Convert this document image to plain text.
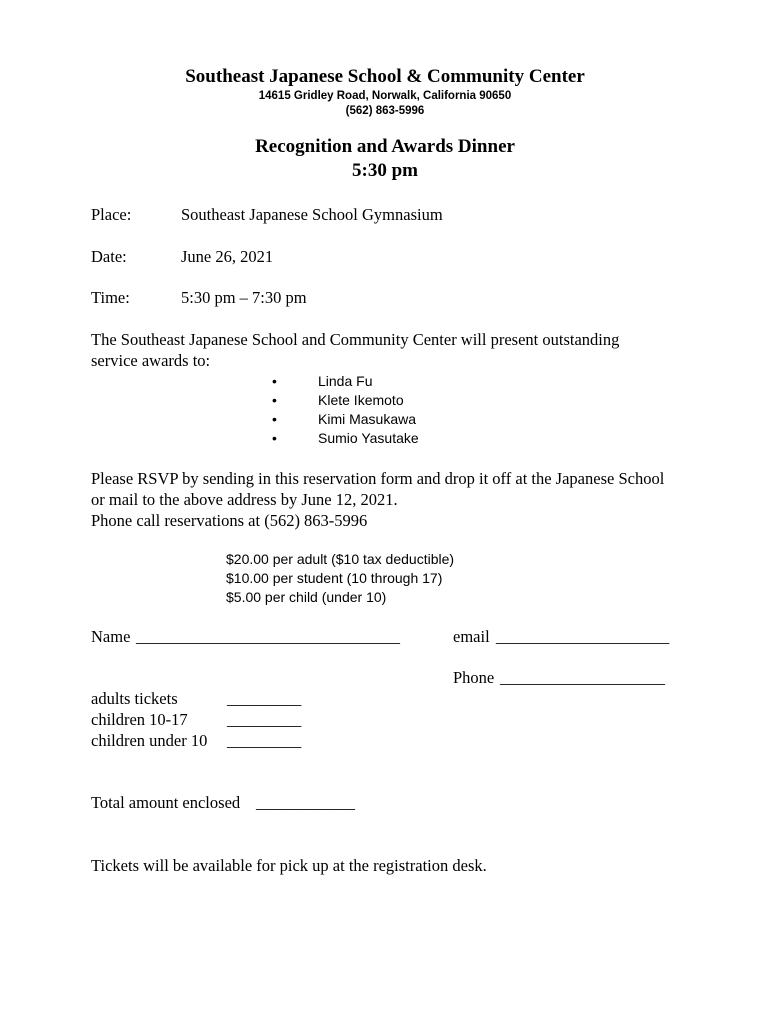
Southeast Japanese School & Community Center
14615 Gridley Road, Norwalk, California 90650
(562) 863-5996
Recognition and Awards Dinner
5:30 pm
Place:	Southeast Japanese School Gymnasium
Date:	June 26, 2021
Time:	5:30 pm – 7:30 pm
The Southeast Japanese School and Community Center will present outstanding
service awards to:
•	Linda Fu
•	Klete Ikemoto
•	Kimi Masukawa
•	Sumio Yasutake
Please RSVP by sending in this reservation form and drop it off at the Japanese School
or mail to the above address by June 12, 2021.
Phone call reservations at (562) 863-5996
$20.00 per adult ($10 tax deductible)
$10.00 per student (10 through 17)
$5.00 per child (under 10)
Name ________________________________	email _____________________
Phone ____________________
adults tickets	_________
children 10-17 _________
children under 10 _________
Total amount enclosed ____________
Tickets will be available for pick up at the registration desk.
